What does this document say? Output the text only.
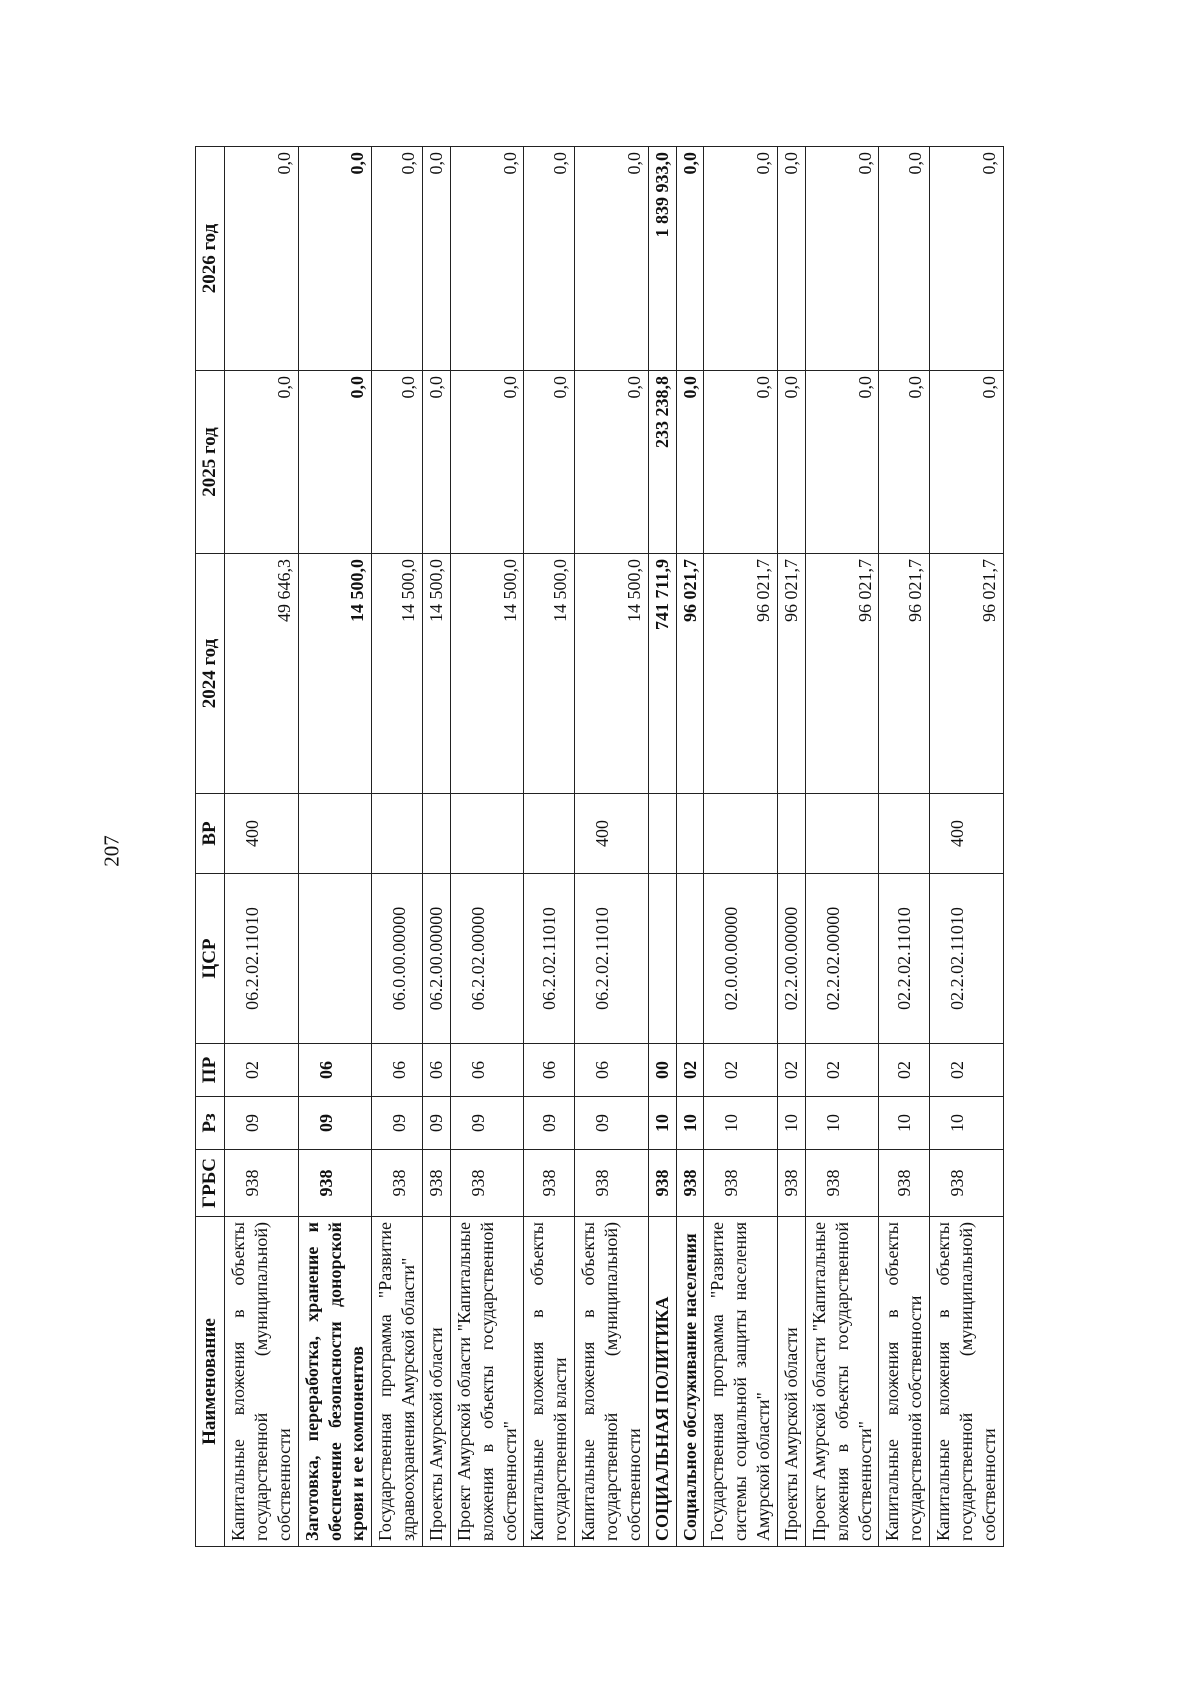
207
Наименование	ГРБС	Рз	ПР	ЦСР	ВР	2024 год	2025 год	2026 год
Капитальные вложения в объекты государственной (муниципальной) собственности	938	09	02	06.2.02.11010	400	49 646,3	0,0	0,0
Заготовка, переработка, хранение и обеспечение безопасности донорской крови и ее компонентов	938	09	06			14 500,0	0,0	0,0
Государственная программа "Развитие здравоохранения Амурской области"	938	09	06	06.0.00.00000		14 500,0	0,0	0,0
Проекты Амурской области	938	09	06	06.2.00.00000		14 500,0	0,0	0,0
Проект Амурской области "Капитальные вложения в объекты государственной собственности"	938	09	06	06.2.02.00000		14 500,0	0,0	0,0
Капитальные вложения в объекты государственной власти	938	09	06	06.2.02.11010		14 500,0	0,0	0,0
Капитальные вложения в объекты государственной (муниципальной) собственности	938	09	06	06.2.02.11010	400	14 500,0	0,0	0,0
СОЦИАЛЬНАЯ ПОЛИТИКА	938	10	00			741 711,9	233 238,8	1 839 933,0
Социальное обслуживание населения	938	10	02			96 021,7	0,0	0,0
Государственная программа "Развитие системы социальной защиты населения Амурской области"	938	10	02	02.0.00.00000		96 021,7	0,0	0,0
Проекты Амурской области	938	10	02	02.2.00.00000		96 021,7	0,0	0,0
Проект Амурской области "Капитальные вложения в объекты государственной собственности"	938	10	02	02.2.02.00000		96 021,7	0,0	0,0
Капитальные вложения в объекты государственной собственности	938	10	02	02.2.02.11010		96 021,7	0,0	0,0
Капитальные вложения в объекты государственной (муниципальной) собственности	938	10	02	02.2.02.11010	400	96 021,7	0,0	0,0
